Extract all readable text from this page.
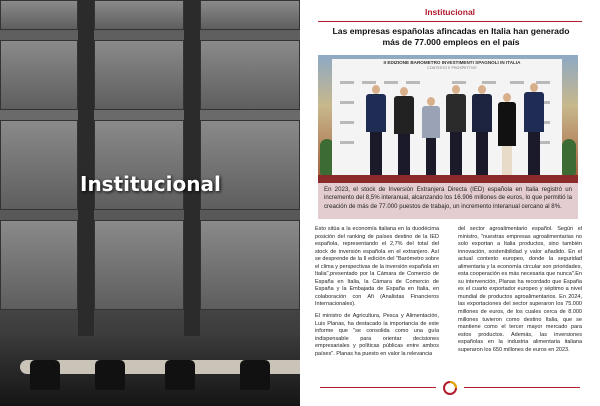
Institucional
Institucional
Las empresas españolas afincadas en Italia han generado más de 77.000 empleos en el país
II EDIZIONE BAROMETRO INVESTIMENTI SPAGNOLI IN ITALIA
CONTESTO E PROSPETTIVE
En 2023, el stock de Inversión Extranjera Directa (IED) española en Italia registró un incremento del 8,5% interanual, alcanzando los 16.906 millones de euros, lo que permitió la creación de más de 77.000 puestos de trabajo, un incremento interanual cercano al 8%.

Esto sitúa a la economía italiana en la duodécima posición del ranking de países destino de la IED española, representando el 2,7% del total del stock de inversión española en el extranjero. Así se desprende de la II edición del "Barómetro sobre el clima y perspectivas de la inversión española en Italia",presentado por la Cámara de Comercio de España en Italia, la Cámara de Comercio de España y la Embajada de España en Italia, en colaboración con Afi (Analistas Financieros Internacionales).

El ministro de Agricultura, Pesca y Alimentación, Luis Planas, ha destacado la importancia de este informe que "se consolida como una guía indispensable para orientar decisiones empresariales y políticas públicas entre ambos países". Planas ha puesto en valor la relevancia

del sector agroalimentario español. Según el ministro, "nuestras empresas agroalimentarias no solo exportan a Italia productos, sino también innovación, sostenibilidad y valor añadido. En el actual contexto europeo, donde la seguridad alimentaria y la economía circular son prioridades, esta cooperación es más necesaria que nunca".En su intervención, Planas ha recordado que España es el cuarto exportador europeo y séptimo a nivel mundial de productos agroalimentarios. En 2024, las exportaciones del sector superaron los 75.000 millones de euros, de los cuales cerca de 8.000 millones tuvieron como destino Italia, que se mantiene como el tercer mayor mercado para estos productos. Además, las inversiones españolas en la industria alimentaria italiana superaron los 650 millones de euros en 2023.
